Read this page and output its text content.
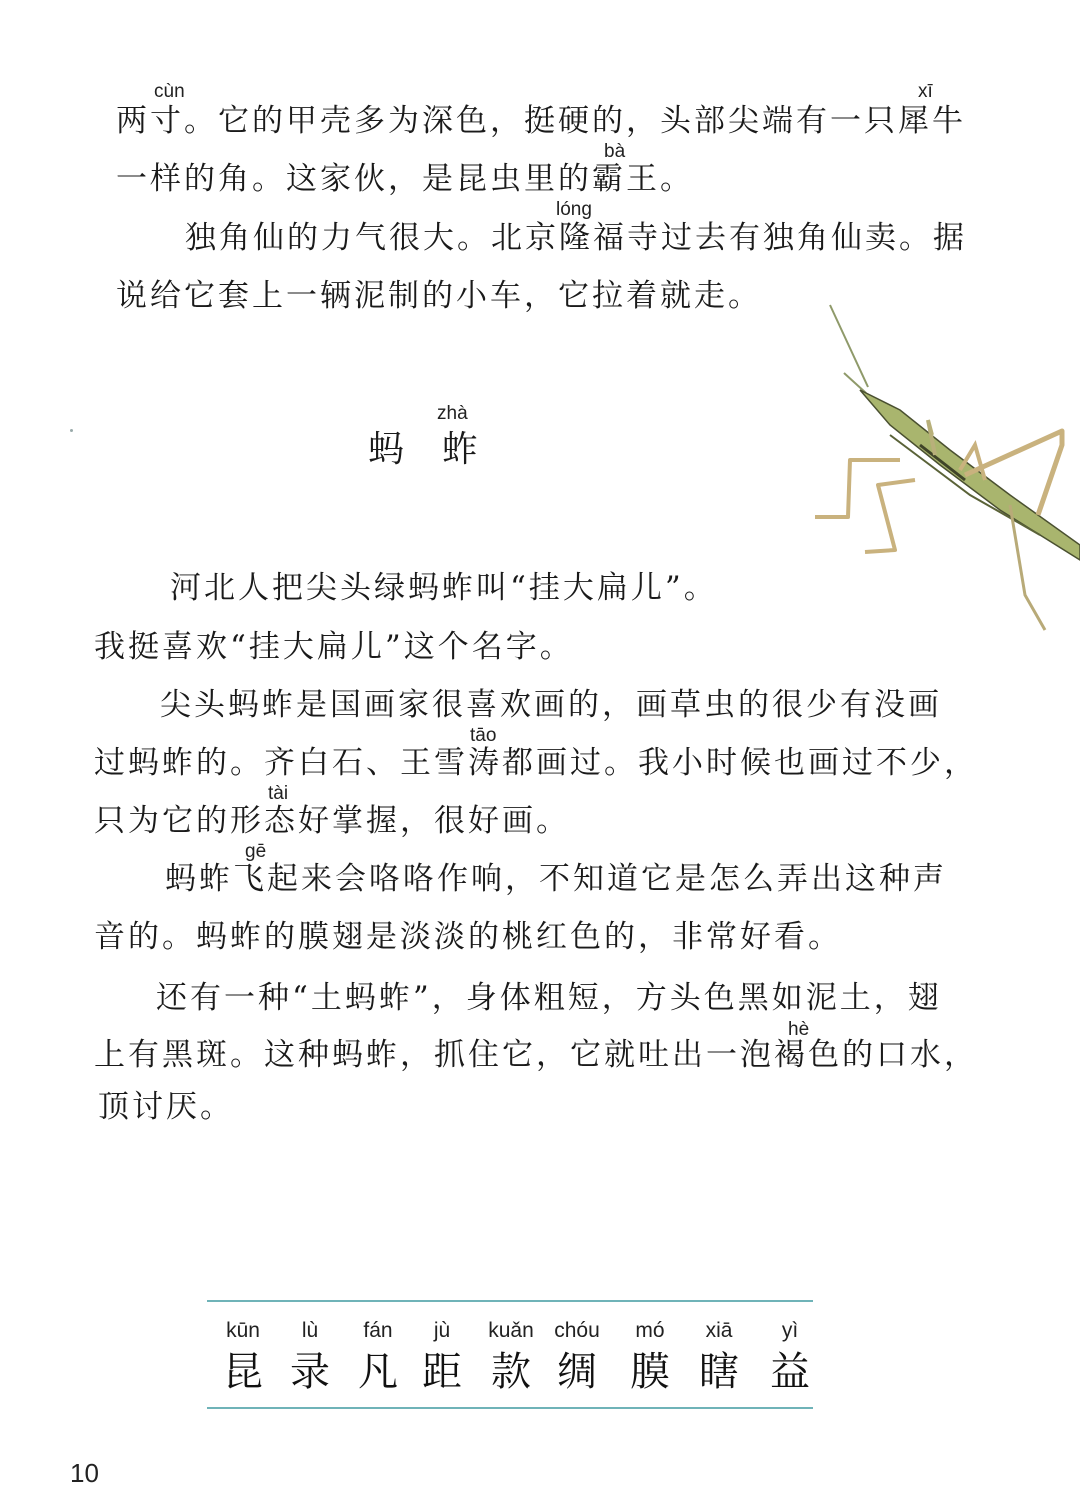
cùn	xī
两寸。它的甲壳多为深色，挺硬的，头部尖端有一只犀牛
bà
一样的角。这家伙，是昆虫里的霸王。
lóng
独角仙的力气很大。北京隆福寺过去有独角仙卖。据
说给它套上一辆泥制的小车，它拉着就走。
zhà
蚂 蚱
河北人把尖头绿蚂蚱叫“挂大扁儿”。
我挺喜欢“挂大扁儿”这个名字。
尖头蚂蚱是国画家很喜欢画的，画草虫的很少有没画
tāo
过蚂蚱的。齐白石、王雪涛都画过。我小时候也画过不少，
tài
只为它的形态好掌握，很好画。
gē
蚂蚱飞起来会咯咯作响，不知道它是怎么弄出这种声
音的。蚂蚱的膜翅是淡淡的桃红色的，非常好看。
还有一种“土蚂蚱”，身体粗短，方头色黑如泥土，翅
hè
上有黑斑。这种蚂蚱，抓住它，它就吐出一泡褐色的口水，
顶讨厌。
kūn
昆
lù
录
fán
凡
jù
距
kuǎn
款
chóu
绸
mó
膜
xiā
瞎
yì
益
10
